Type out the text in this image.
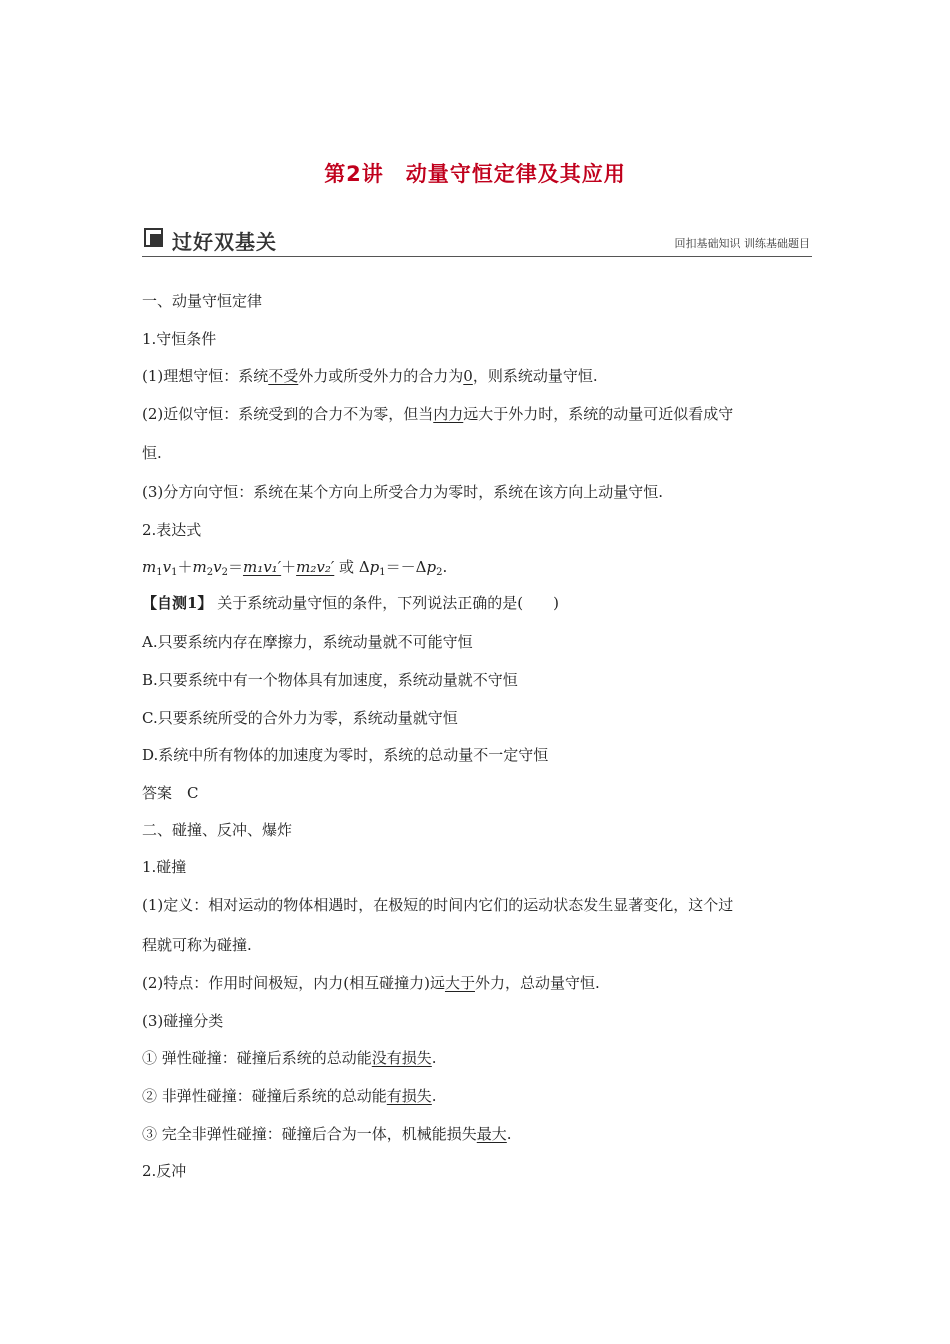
第2讲　动量守恒定律及其应用
过好双基关	回扣基础知识 训练基础题目
一、动量守恒定律
1.守恒条件
(1)理想守恒：系统不受外力或所受外力的合力为0，则系统动量守恒.
(2)近似守恒：系统受到的合力不为零，但当内力远大于外力时，系统的动量可近似看成守
恒.
(3)分方向守恒：系统在某个方向上所受合力为零时，系统在该方向上动量守恒.
2.表达式
$m_1v_1+m_2v_2=m_1v_1'+m_2v_2'$ 或 $\Delta p_1=-\Delta p_2$.
【自测1】 关于系统动量守恒的条件，下列说法正确的是(　　)
A.只要系统内存在摩擦力，系统动量就不可能守恒
B.只要系统中有一个物体具有加速度，系统动量就不守恒
C.只要系统所受的合外力为零，系统动量就守恒
D.系统中所有物体的加速度为零时，系统的总动量不一定守恒
答案　C
二、碰撞、反冲、爆炸
1.碰撞
(1)定义：相对运动的物体相遇时，在极短的时间内它们的运动状态发生显著变化，这个过
程就可称为碰撞.
(2)特点：作用时间极短，内力(相互碰撞力)远大于外力，总动量守恒.
(3)碰撞分类
① 弹性碰撞：碰撞后系统的总动能没有损失.
② 非弹性碰撞：碰撞后系统的总动能有损失.
③ 完全非弹性碰撞：碰撞后合为一体，机械能损失最大.
2.反冲
